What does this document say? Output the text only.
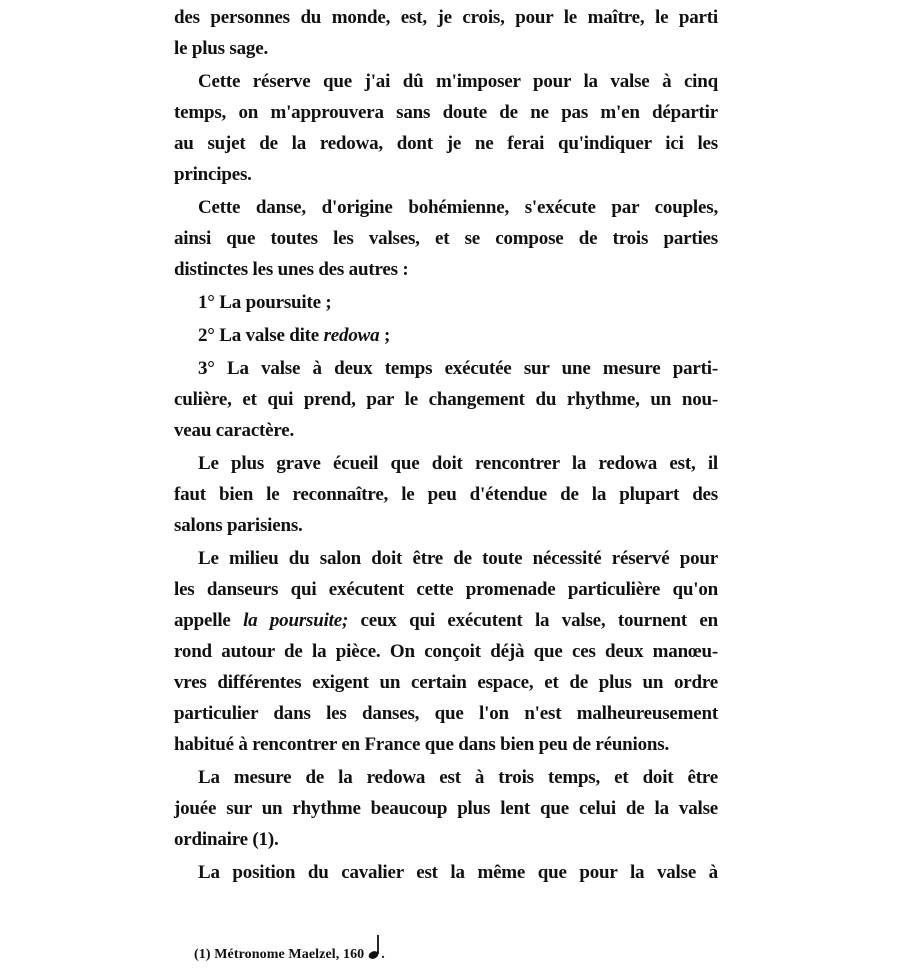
des personnes du monde, est, je crois, pour le maître, le parti
le plus sage.
Cette réserve que j'ai dû m'imposer pour la valse à cinq
temps, on m'approuvera sans doute de ne pas m'en départir
au sujet de la redowa, dont je ne ferai qu'indiquer ici les
principes.
Cette danse, d'origine bohémienne, s'exécute par couples,
ainsi que toutes les valses, et se compose de trois parties
distinctes les unes des autres :
1° La poursuite ;
2° La valse dite redowa ;
3° La valse à deux temps exécutée sur une mesure parti-
culière, et qui prend, par le changement du rhythme, un nou-
veau caractère.
Le plus grave écueil que doit rencontrer la redowa est, il
faut bien le reconnaître, le peu d'étendue de la plupart des
salons parisiens.
Le milieu du salon doit être de toute nécessité réservé pour
les danseurs qui exécutent cette promenade particulière qu'on
appelle la poursuite; ceux qui exécutent la valse, tournent en
rond autour de la pièce. On conçoit déjà que ces deux manœu-
vres différentes exigent un certain espace, et de plus un ordre
particulier dans les danses, que l'on n'est malheureusement
habitué à rencontrer en France que dans bien peu de réunions.
La mesure de la redowa est à trois temps, et doit être
jouée sur un rhythme beaucoup plus lent que celui de la valse
ordinaire (1).
La position du cavalier est la même que pour la valse à
(1) Métronome Maelzel, 160 .
